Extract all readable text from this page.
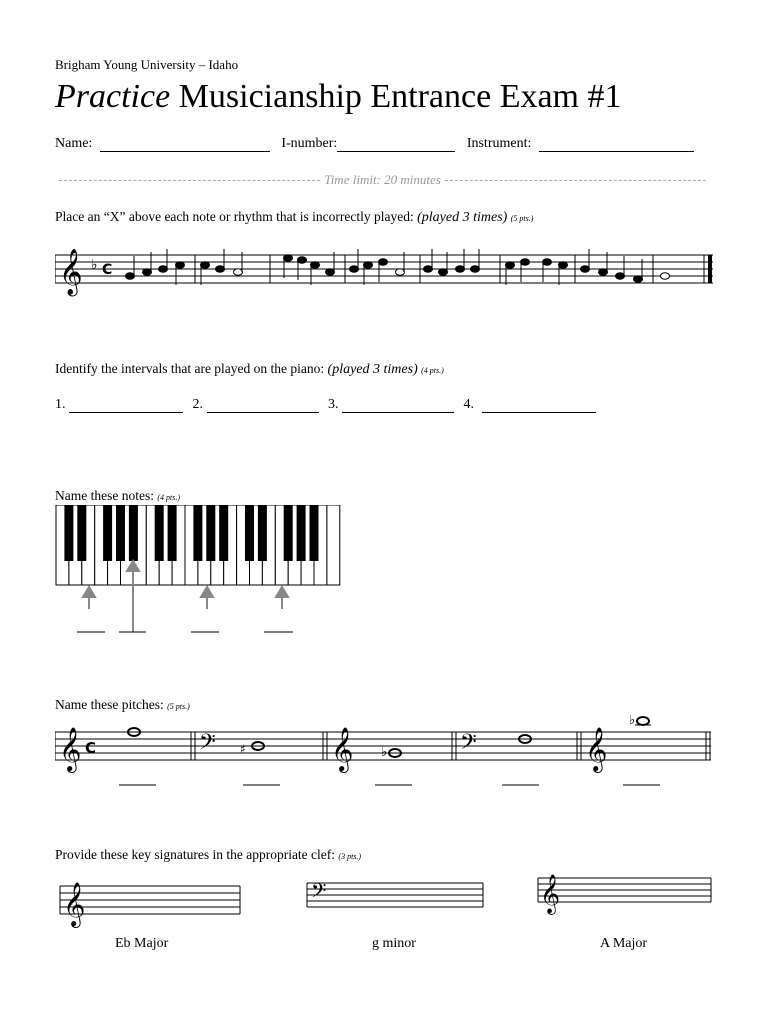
Brigham Young University – Idaho
Practice Musicianship Entrance Exam #1
Name:	I-number:	Instrument:
Time limit: 20 minutes
Place an “X” above each note or rhythm that is incorrectly played: (played 3 times) (5 pts.)
𝄞 ♭ C
Identify the intervals that are played on the piano: (played 3 times) (4 pts.)
1.	2.	3.	4.
Name these notes: (4 pts.)
Name these pitches: (5 pts.)
𝄞 C	𝄢	𝄞	𝄢	𝄞
♯	♭
♭
Provide these key signatures in the appropriate clef: (3 pts.)
𝄞	𝄢	𝄞
Eb Major	g minor	A Major
